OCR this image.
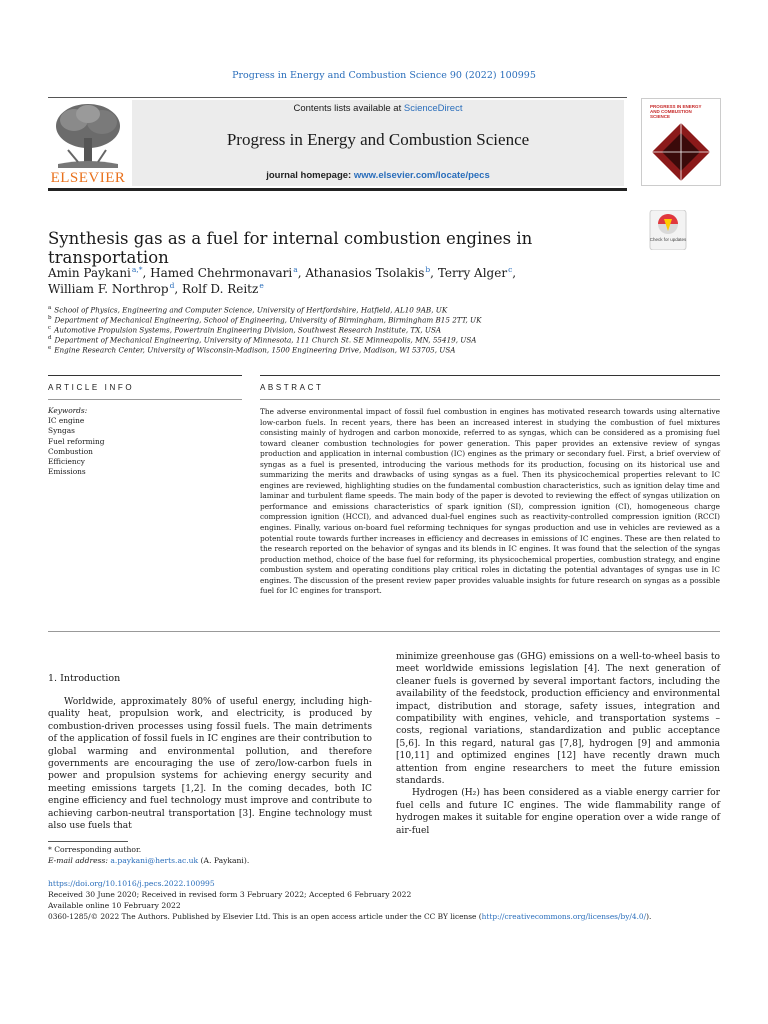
Progress in Energy and Combustion Science 90 (2022) 100995
ELSEVIER
Contents lists available at ScienceDirect
Progress in Energy and Combustion Science
journal homepage: www.elsevier.com/locate/pecs
PROGRESS IN ENERGY AND COMBUSTION SCIENCE
Synthesis gas as a fuel for internal combustion engines in transportation
Check for updates
Amin Paykani$^{a,*}$, Hamed Chehrmonavari$^a$, Athanasios Tsolakis$^b$, Terry Alger$^c$,
William F. Northrop$^d$, Rolf D. Reitz$^e$
$^a$ School of Physics, Engineering and Computer Science, University of Hertfordshire, Hatfield, AL10 9AB, UK
$^b$ Department of Mechanical Engineering, School of Engineering, University of Birmingham, Birmingham B15 2TT, UK
$^c$ Automotive Propulsion Systems, Powertrain Engineering Division, Southwest Research Institute, TX, USA
$^d$ Department of Mechanical Engineering, University of Minnesota, 111 Church St. SE Minneapolis, MN, 55419, USA
$^e$ Engine Research Center, University of Wisconsin-Madison, 1500 Engineering Drive, Madison, WI 53705, USA
ARTICLE INFO	ABSTRACT
Keywords:
IC engine
Syngas
Fuel reforming
Combustion
Efficiency
Emissions
The adverse environmental impact of fossil fuel combustion in engines has motivated research towards using alternative low-carbon fuels. In recent years, there has been an increased interest in studying the combustion of fuel mixtures consisting mainly of hydrogen and carbon monoxide, referred to as syngas, which can be considered as a promising fuel toward cleaner combustion technologies for power generation. This paper provides an extensive review of syngas production and application in internal combustion (IC) engines as the primary or secondary fuel. First, a brief overview of syngas as a fuel is presented, introducing the various methods for its production, focusing on its historical use and summarizing the merits and drawbacks of using syngas as a fuel. Then its physicochemical properties relevant to IC engines are reviewed, highlighting studies on the fundamental combustion characteristics, such as ignition delay time and laminar and turbulent flame speeds. The main body of the paper is devoted to reviewing the effect of syngas utilization on performance and emissions characteristics of spark ignition (SI), compression ignition (CI), homogeneous charge compression ignition (HCCI), and advanced dual-fuel engines such as reactivity-controlled compression ignition (RCCI) engines. Finally, various on-board fuel reforming techniques for syngas production and use in vehicles are reviewed as a potential route towards further increases in efficiency and decreases in emissions of IC engines. These are then related to the research reported on the behavior of syngas and its blends in IC engines. It was found that the selection of the syngas production method, choice of the base fuel for reforming, its physicochemical properties, combustion strategy, and engine combustion system and operating conditions play critical roles in dictating the potential advantages of syngas use in IC engines. The discussion of the present review paper provides valuable insights for future research on syngas as a possible fuel for IC engines for transport.
1. Introduction

Worldwide, approximately 80% of useful energy, including high-quality heat, propulsion work, and electricity, is produced by combustion-driven processes using fossil fuels. The main detriments of the application of fossil fuels in IC engines are their contribution to global warming and environmental pollution, and therefore governments are encouraging the use of zero/low-carbon fuels in power and propulsion systems for achieving energy security and meeting emissions targets [1,2]. In the coming decades, both IC engine efficiency and fuel technology must improve and contribute to achieving carbon-neutral transportation [3]. Engine technology must also use fuels that

minimize greenhouse gas (GHG) emissions on a well-to-wheel basis to meet worldwide emissions legislation [4]. The next generation of cleaner fuels is governed by several important factors, including the availability of the feedstock, production efficiency and environmental impact, distribution and storage, safety issues, integration and compatibility with engines, vehicle, and transportation systems – costs, regional variations, standardization and public acceptance [5,6]. In this regard, natural gas [7,8], hydrogen [9] and ammonia [10,11] and optimized engines [12] have recently drawn much attention from engine researchers to meet the future emission standards.

Hydrogen (H₂) has been considered as a viable energy carrier for fuel cells and future IC engines. The wide flammability range of hydrogen makes it suitable for engine operation over a wide range of air-fuel

* Corresponding author.
E-mail address: a.paykani@herts.ac.uk (A. Paykani).
https://doi.org/10.1016/j.pecs.2022.100995
Received 30 June 2020; Received in revised form 3 February 2022; Accepted 6 February 2022
Available online 10 February 2022
0360-1285/© 2022 The Authors. Published by Elsevier Ltd. This is an open access article under the CC BY license (http://creativecommons.org/licenses/by/4.0/).
